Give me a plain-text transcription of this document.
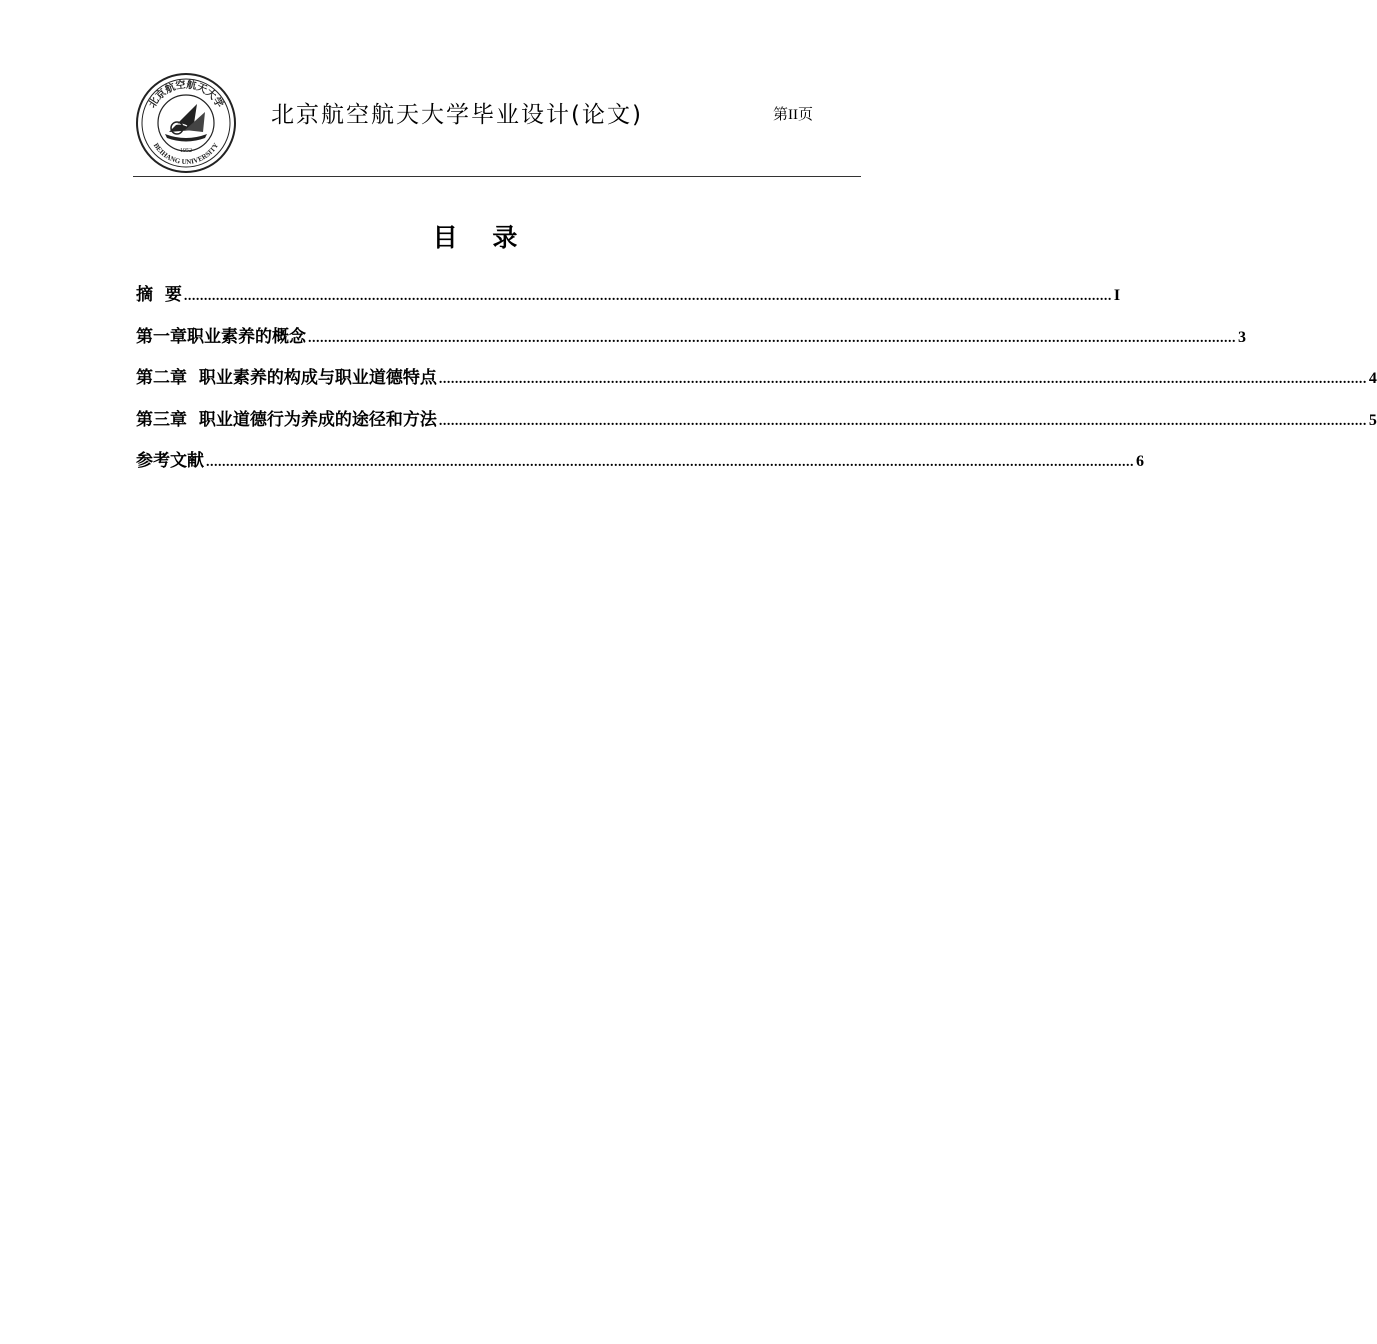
北京航空航天大学
BEIHANG UNIVERSITY
1952
北京航空航天大学毕业设计(论文)	第II页
目    录
摘  要 ........................................................................................................................................................................................................................................ I
第一章职业素养的概念 ........................................................................................................................................................................................................................................ 3
第二章  职业素养的构成与职业道德特点 ........................................................................................................................................................................................................................................ 4
第三章  职业道德行为养成的途径和方法 ........................................................................................................................................................................................................................................ 5
参考文献 ........................................................................................................................................................................................................................................ 6
